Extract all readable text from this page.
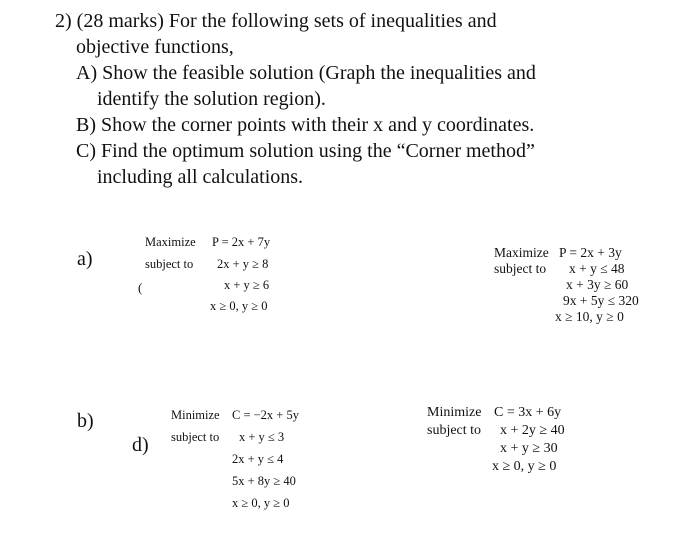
2) (28 marks) For the following sets of inequalities and
objective functions,
A) Show the feasible solution (Graph the inequalities and
identify the solution region).
B) Show the corner points with their x and y coordinates.
C) Find the optimum solution using the “Corner method”
including all calculations.
a)
b)
d)
(
Maximize P = 2x + 7y
subject to 2x + y ≥ 8
x + y ≥ 6
x ≥ 0, y ≥ 0
Maximize P = 2x + 3y
subject to x + y ≤ 48
x + 3y ≥ 60
9x + 5y ≤ 320
x ≥ 10, y ≥ 0
Minimize C = −2x + 5y
subject to x + y ≤ 3
2x + y ≤ 4
5x + 8y ≥ 40
x ≥ 0, y ≥ 0
Minimize C = 3x + 6y
subject to x + 2y ≥ 40
x + y ≥ 30
x ≥ 0, y ≥ 0
